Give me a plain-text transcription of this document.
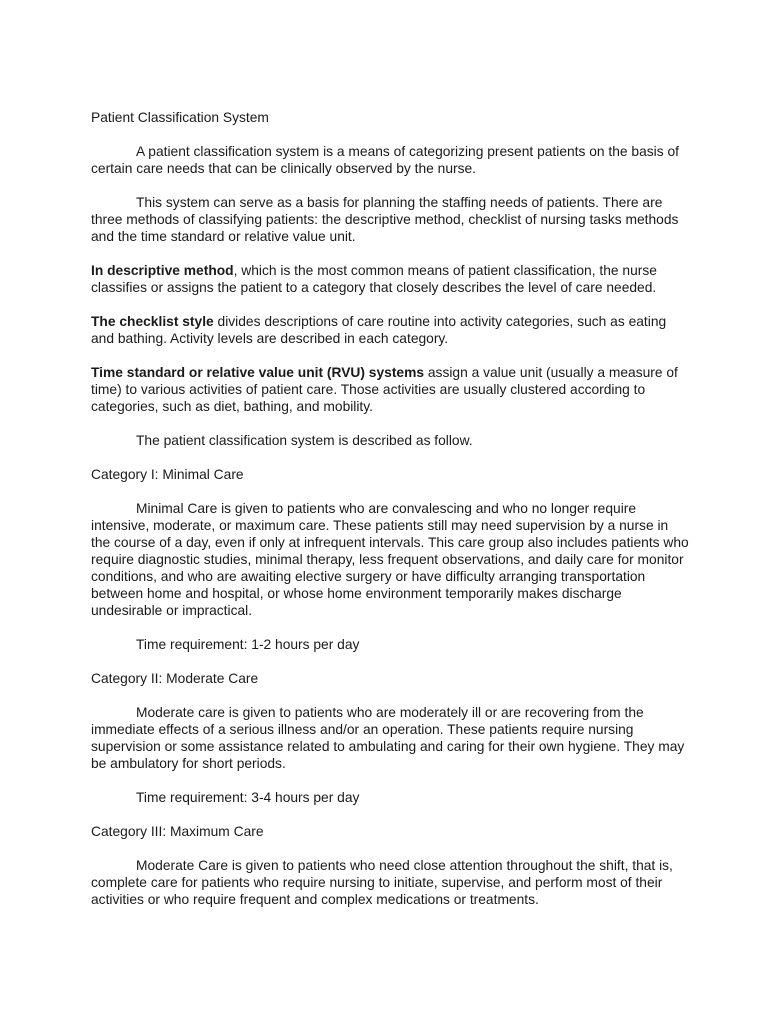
Patient Classification System

A patient classification system is a means of categorizing present patients on the basis of certain care needs that can be clinically observed by the nurse.

This system can serve as a basis for planning the staffing needs of patients. There are three methods of classifying patients: the descriptive method, checklist of nursing tasks methods and the time standard or relative value unit.

In descriptive method, which is the most common means of patient classification, the nurse classifies or assigns the patient to a category that closely describes the level of care needed.

The checklist style divides descriptions of care routine into activity categories, such as eating and bathing. Activity levels are described in each category.

Time standard or relative value unit (RVU) systems assign a value unit (usually a measure of time) to various activities of patient care. Those activities are usually clustered according to categories, such as diet, bathing, and mobility.

The patient classification system is described as follow.

Category I: Minimal Care

Minimal Care is given to patients who are convalescing and who no longer require intensive, moderate, or maximum care. These patients still may need supervision by a nurse in the course of a day, even if only at infrequent intervals. This care group also includes patients who require diagnostic studies, minimal therapy, less frequent observations, and daily care for monitor conditions, and who are awaiting elective surgery or have difficulty arranging transportation between home and hospital, or whose home environment temporarily makes discharge undesirable or impractical.

Time requirement: 1-2 hours per day

Category II: Moderate Care

Moderate care is given to patients who are moderately ill or are recovering from the immediate effects of a serious illness and/or an operation. These patients require nursing supervision or some assistance related to ambulating and caring for their own hygiene. They may be ambulatory for short periods.

Time requirement: 3-4 hours per day

Category III: Maximum Care

Moderate Care is given to patients who need close attention throughout the shift, that is, complete care for patients who require nursing to initiate, supervise, and perform most of their activities or who require frequent and complex medications or treatments.
